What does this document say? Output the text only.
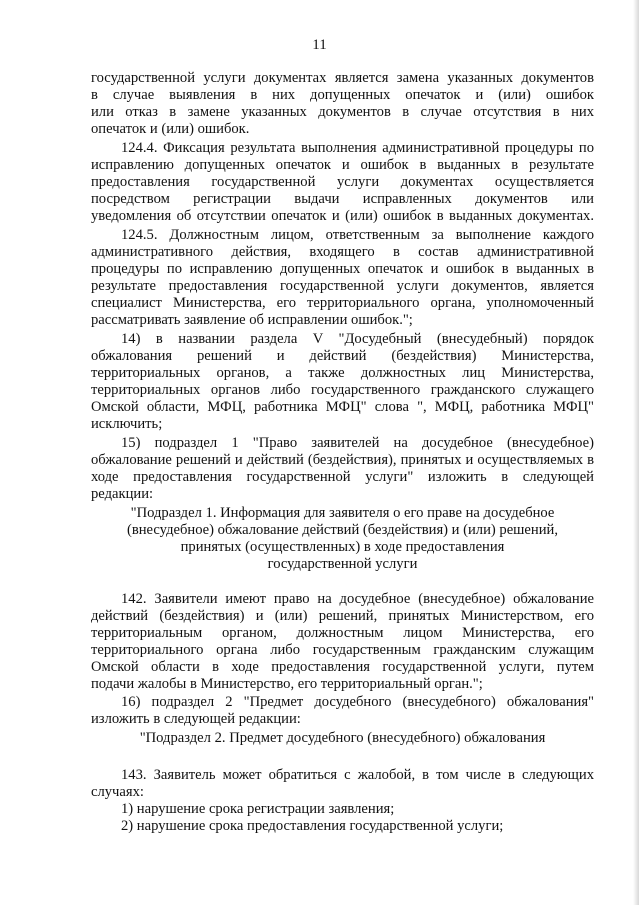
11
государственной услуги документах является замена указанных документов
в случае выявления в них допущенных опечаток и (или) ошибок
или отказ в замене указанных документов в случае отсутствия в них
опечаток и (или) ошибок.
124.4. Фиксация результата выполнения административной процедуры по
исправлению допущенных опечаток и ошибок в выданных в результате
предоставления государственной услуги документах осуществляется
посредством регистрации выдачи исправленных документов или
уведомления об отсутствии опечаток и (или) ошибок в выданных документах.
124.5. Должностным лицом, ответственным за выполнение каждого
административного действия, входящего в состав административной
процедуры по исправлению допущенных опечаток и ошибок в выданных в
результате предоставления государственной услуги документов, является
специалист Министерства, его территориального органа, уполномоченный
рассматривать заявление об исправлении ошибок.";
14) в названии раздела V "Досудебный (внесудебный) порядок
обжалования решений и действий (бездействия) Министерства,
территориальных органов, а также должностных лиц Министерства,
территориальных органов либо государственного гражданского служащего
Омской области, МФЦ, работника МФЦ" слова ", МФЦ, работника МФЦ"
исключить;
15) подраздел 1 "Право заявителей на досудебное (внесудебное)
обжалование решений и действий (бездействия), принятых и осуществляемых в
ходе предоставления государственной услуги" изложить в следующей
редакции:
"Подраздел 1. Информация для заявителя о его праве на досудебное
(внесудебное) обжалование действий (бездействия) и (или) решений,
принятых (осуществленных) в ходе предоставления
государственной услуги
142. Заявители имеют право на досудебное (внесудебное) обжалование
действий (бездействия) и (или) решений, принятых Министерством, его
территориальным органом, должностным лицом Министерства, его
территориального органа либо государственным гражданским служащим
Омской области в ходе предоставления государственной услуги, путем
подачи жалобы в Министерство, его территориальный орган.";
16) подраздел 2 "Предмет досудебного (внесудебного) обжалования"
изложить в следующей редакции:
"Подраздел 2. Предмет досудебного (внесудебного) обжалования
143. Заявитель может обратиться с жалобой, в том числе в следующих
случаях:
1) нарушение срока регистрации заявления;
2) нарушение срока предоставления государственной услуги;
